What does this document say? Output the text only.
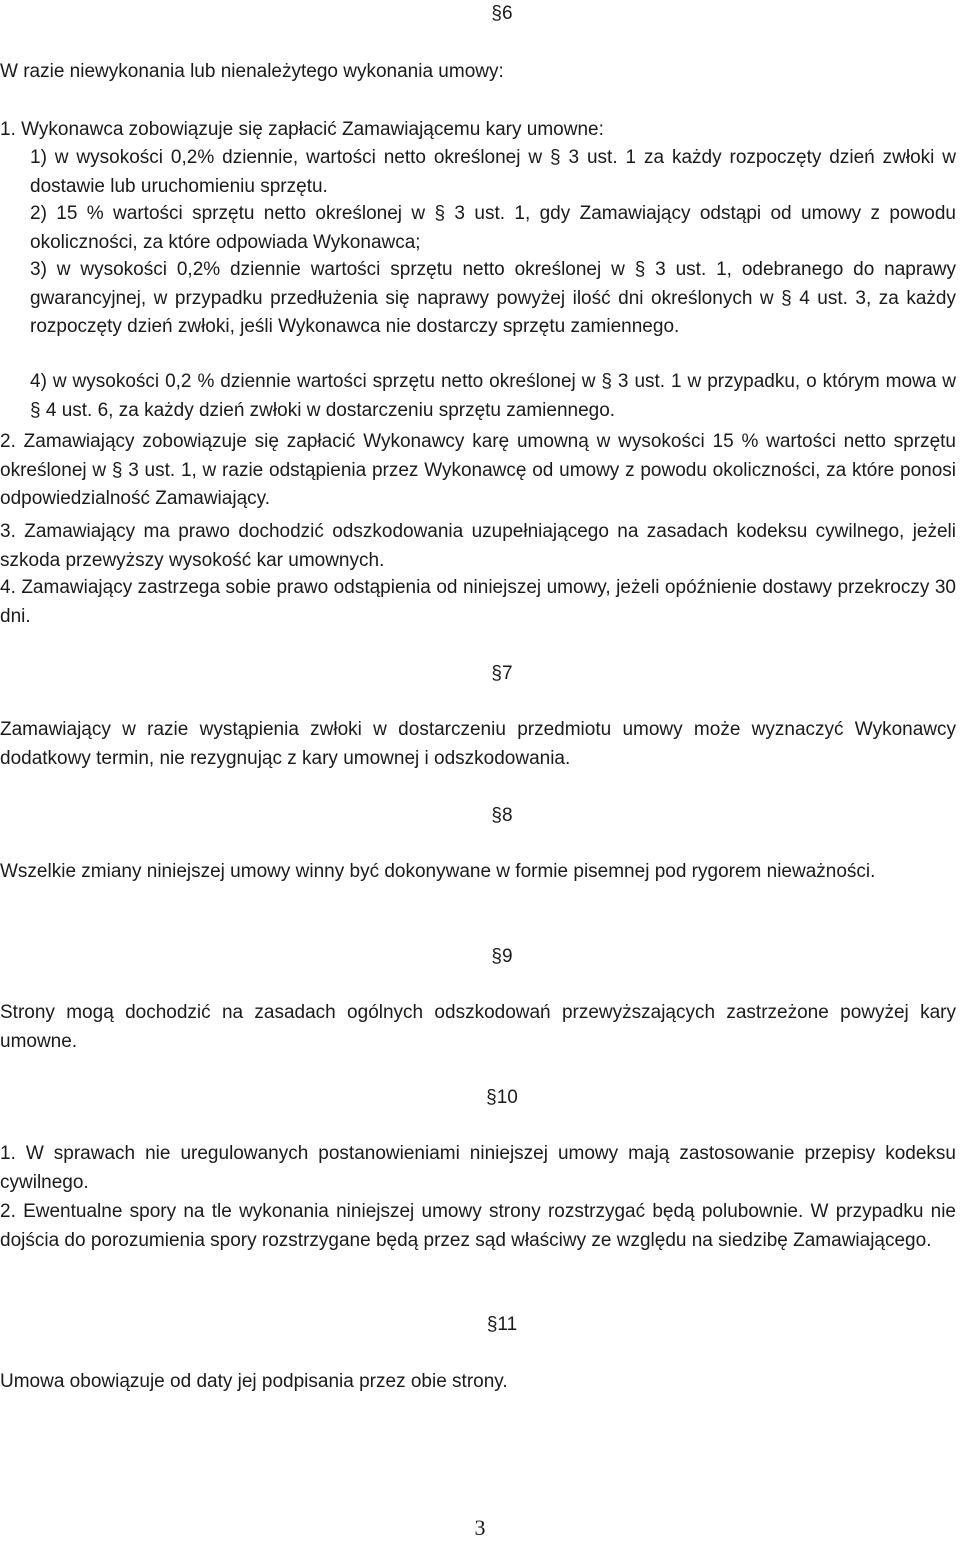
§6

W razie niewykonania lub nienależytego wykonania umowy:

1. Wykonawca zobowiązuje się zapłacić Zamawiającemu kary umowne:

1) w wysokości 0,2% dziennie, wartości netto określonej w § 3 ust. 1 za każdy rozpoczęty dzień zwłoki w dostawie lub uruchomieniu sprzętu.

2) 15 % wartości sprzętu netto określonej w § 3 ust. 1, gdy Zamawiający odstąpi od umowy z powodu okoliczności, za które odpowiada Wykonawca;

3) w wysokości 0,2% dziennie wartości sprzętu netto określonej w § 3 ust. 1, odebranego do naprawy gwarancyjnej, w przypadku przedłużenia się naprawy powyżej ilość dni określonych w § 4 ust. 3, za każdy rozpoczęty dzień zwłoki, jeśli Wykonawca nie dostarczy sprzętu zamiennego.

4) w wysokości 0,2 % dziennie wartości sprzętu netto określonej w § 3 ust. 1 w przypadku, o którym mowa w § 4 ust. 6, za każdy dzień zwłoki w dostarczeniu sprzętu zamiennego.

2. Zamawiający zobowiązuje się zapłacić Wykonawcy karę umowną w wysokości 15 % wartości netto sprzętu określonej w § 3 ust. 1, w razie odstąpienia przez Wykonawcę od umowy z powodu okoliczności, za które ponosi odpowiedzialność Zamawiający.

3. Zamawiający ma prawo dochodzić odszkodowania uzupełniającego na zasadach kodeksu cywilnego, jeżeli szkoda przewyższy wysokość kar umownych.

4. Zamawiający zastrzega sobie prawo odstąpienia od niniejszej umowy, jeżeli opóźnienie dostawy przekroczy 30 dni.

§7

Zamawiający w razie wystąpienia zwłoki w dostarczeniu przedmiotu umowy może wyznaczyć Wykonawcy dodatkowy termin, nie rezygnując z kary umownej i odszkodowania.

§8

Wszelkie zmiany niniejszej umowy winny być dokonywane w formie pisemnej pod rygorem nieważności.

§9

Strony mogą dochodzić na zasadach ogólnych odszkodowań przewyższających zastrzeżone powyżej kary umowne.

§10

1. W sprawach nie uregulowanych postanowieniami niniejszej umowy mają zastosowanie przepisy kodeksu cywilnego.

2. Ewentualne spory na tle wykonania niniejszej umowy strony rozstrzygać będą polubownie. W przypadku nie dojścia do porozumienia spory rozstrzygane będą przez sąd właściwy ze względu na siedzibę Zamawiającego.

§11

Umowa obowiązuje od daty jej podpisania przez obie strony.

3
